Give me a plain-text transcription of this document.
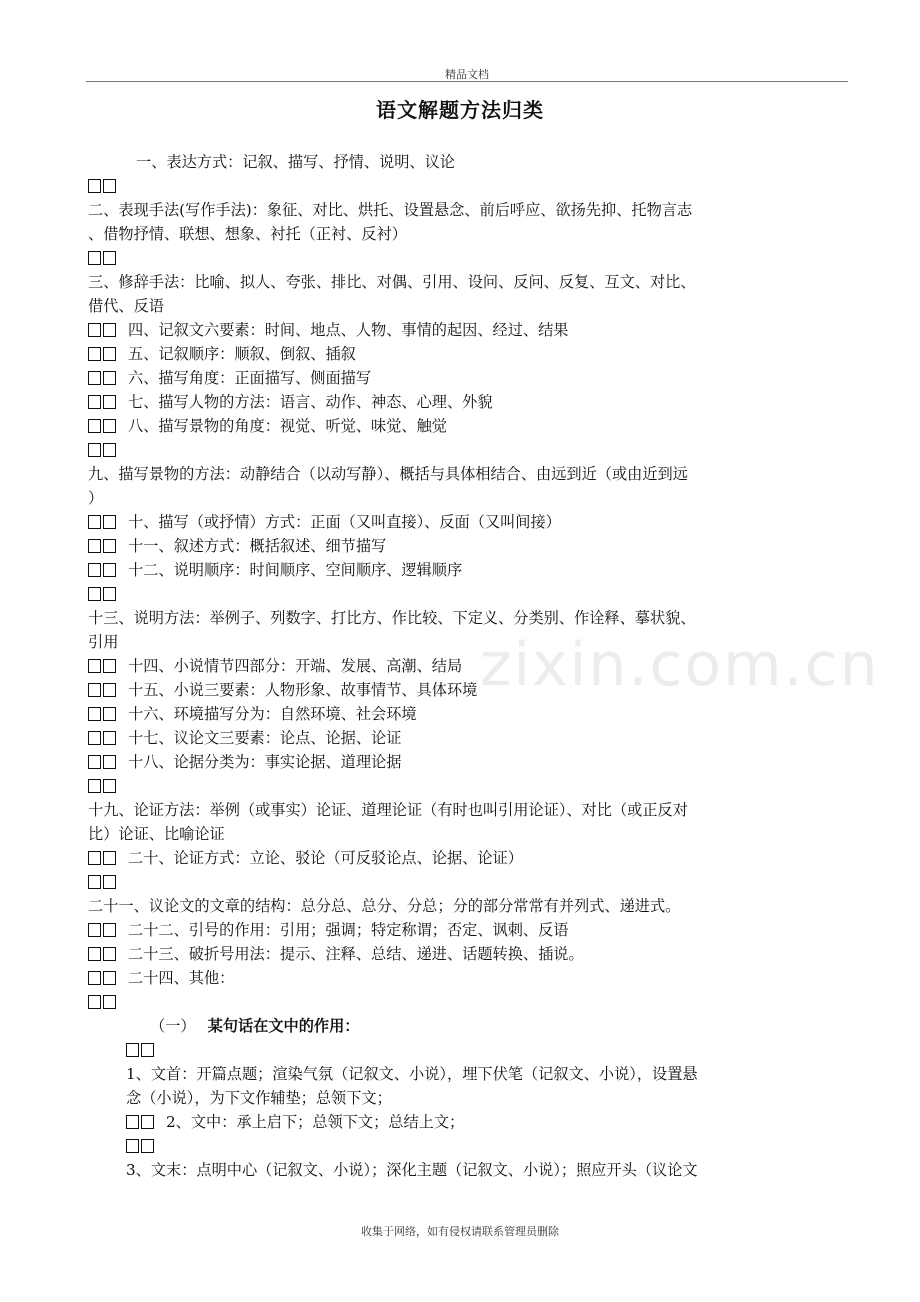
精品文档
语文解题方法归类
zixin.com.cn
一、表达方式：记叙、描写、抒情、说明、议论
二、表现手法(写作手法)：象征、对比、烘托、设置悬念、前后呼应、欲扬先抑、托物言志
、借物抒情、联想、想象、衬托（正衬、反衬）
三、修辞手法：比喻、拟人、夸张、排比、对偶、引用、设问、反问、反复、互文、对比、
借代、反语
四、记叙文六要素：时间、地点、人物、事情的起因、经过、结果
五、记叙顺序：顺叙、倒叙、插叙
六、描写角度：正面描写、侧面描写
七、描写人物的方法：语言、动作、神态、心理、外貌
八、描写景物的角度：视觉、听觉、味觉、触觉
九、描写景物的方法：动静结合（以动写静）、概括与具体相结合、由远到近（或由近到远
）
十、描写（或抒情）方式：正面（又叫直接）、反面（又叫间接）
十一、叙述方式：概括叙述、细节描写
十二、说明顺序：时间顺序、空间顺序、逻辑顺序
十三、说明方法：举例子、列数字、打比方、作比较、下定义、分类别、作诠释、摹状貌、
引用
十四、小说情节四部分：开端、发展、高潮、结局
十五、小说三要素：人物形象、故事情节、具体环境
十六、环境描写分为：自然环境、社会环境
十七、议论文三要素：论点、论据、论证
十八、论据分类为：事实论据、道理论据
十九、论证方法：举例（或事实）论证、道理论证（有时也叫引用论证）、对比（或正反对
比）论证、比喻论证
二十、论证方式：立论、驳论（可反驳论点、论据、论证）
二十一、议论文的文章的结构：总分总、总分、分总；分的部分常常有并列式、递进式。
二十二、引号的作用：引用；强调；特定称谓；否定、讽刺、反语
二十三、破折号用法：提示、注释、总结、递进、话题转换、插说。
二十四、其他：
（一） 某句话在文中的作用：
1、文首：开篇点题；渲染气氛（记叙文、小说），埋下伏笔（记叙文、小说），设置悬
念（小说），为下文作辅垫；总领下文；
2、文中：承上启下；总领下文；总结上文；
3、文末：点明中心（记叙文、小说）；深化主题（记叙文、小说）；照应开头（议论文
收集于网络，如有侵权请联系管理员删除
